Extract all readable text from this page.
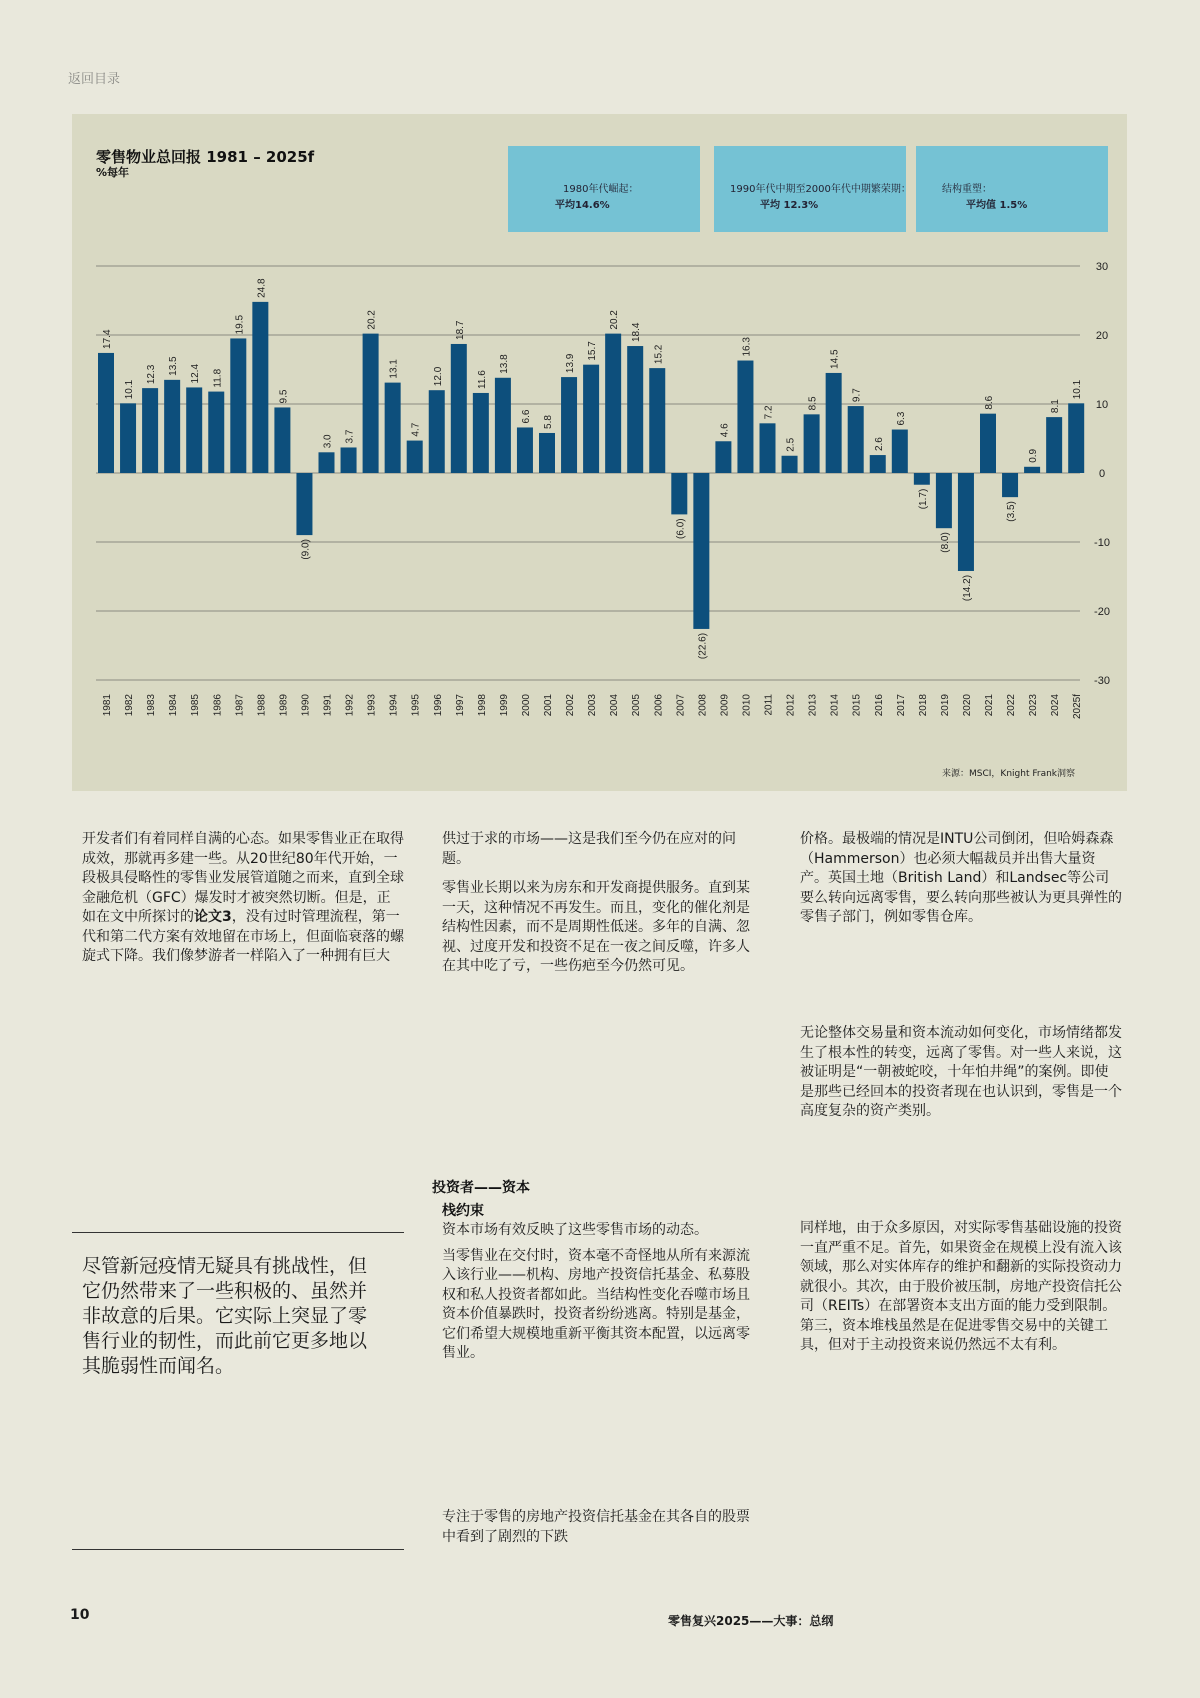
返回目录
30
20
10
0
-10
-20
-30
17.4
1981
10.1
1982
12.3
1983
13.5
1984
12.4
1985
11.8
1986
19.5
1987
24.8
1988
9.5
1989
(9.0)
1990
3.0
1991
3.7
1992
20.2
1993
13.1
1994
4.7
1995
12.0
1996
18.7
1997
11.6
1998
13.8
1999
6.6
2000
5.8
2001
13.9
2002
15.7
2003
20.2
2004
18.4
2005
15.2
2006
(6.0)
2007
(22.6)
2008
4.6
2009
16.3
2010
7.2
2011
2.5
2012
8.5
2013
14.5
2014
9.7
2015
2.6
2016
6.3
2017
(1.7)
2018
(8.0)
2019
(14.2)
2020
8.6
2021
(3.5)
2022
0.9
2023
8.1
2024
10.1
2025f
零售物业总回报 1981 – 2025f
%每年
1980年代崛起：
平均14.6%
1990年代中期至2000年代中期繁荣期：
平均 12.3%
结构重塑：
平均值 1.5%
来源：MSCI，Knight Frank洞察

开发者们有着同样自满的心态。如果零售业正在取得成效，那就再多建一些。从20世纪80年代开始，一段极具侵略性的零售业发展管道随之而来，直到全球金融危机（GFC）爆发时才被突然切断。但是，正如在文中所探讨的论文3，没有过时管理流程，第一代和第二代方案有效地留在市场上，但面临衰落的螺旋式下降。我们像梦游者一样陷入了一种拥有巨大

供过于求的市场——这是我们至今仍在应对的问题。

零售业长期以来为房东和开发商提供服务。直到某一天，这种情况不再发生。而且，变化的催化剂是结构性因素，而不是周期性低迷。多年的自满、忽视、过度开发和投资不足在一夜之间反噬，许多人在其中吃了亏，一些伤疤至今仍然可见。

价格。最极端的情况是INTU公司倒闭，但哈姆森森（Hammerson）也必须大幅裁员并出售大量资产。英国土地（British Land）和Landsec等公司要么转向远离零售，要么转向那些被认为更具弹性的零售子部门，例如零售仓库。

无论整体交易量和资本流动如何变化，市场情绪都发生了根本性的转变，远离了零售。对一些人来说，这被证明是“一朝被蛇咬，十年怕井绳”的案例。即使是那些已经回本的投资者现在也认识到，零售是一个高度复杂的资产类别。

投资者——资本
栈约束

资本市场有效反映了这些零售市场的动态。

当零售业在交付时，资本毫不奇怪地从所有来源流入该行业——机构、房地产投资信托基金、私募股权和私人投资者都如此。当结构性变化吞噬市场且资本价值暴跌时，投资者纷纷逃离。特别是基金，它们希望大规模地重新平衡其资本配置，以远离零售业。

同样地，由于众多原因，对实际零售基础设施的投资一直严重不足。首先，如果资金在规模上没有流入该领域，那么对实体库存的维护和翻新的实际投资动力就很小。其次，由于股价被压制，房地产投资信托公司（REITs）在部署资本支出方面的能力受到限制。第三，资本堆栈虽然是在促进零售交易中的关键工具，但对于主动投资来说仍然远不太有利。

专注于零售的房地产投资信托基金在其各自的股票中看到了剧烈的下跌

尽管新冠疫情无疑具有挑战性，但它仍然带来了一些积极的、虽然并非故意的后果。它实际上突显了零售行业的韧性，而此前它更多地以其脆弱性而闻名。
10	零售复兴2025——大事：总纲
